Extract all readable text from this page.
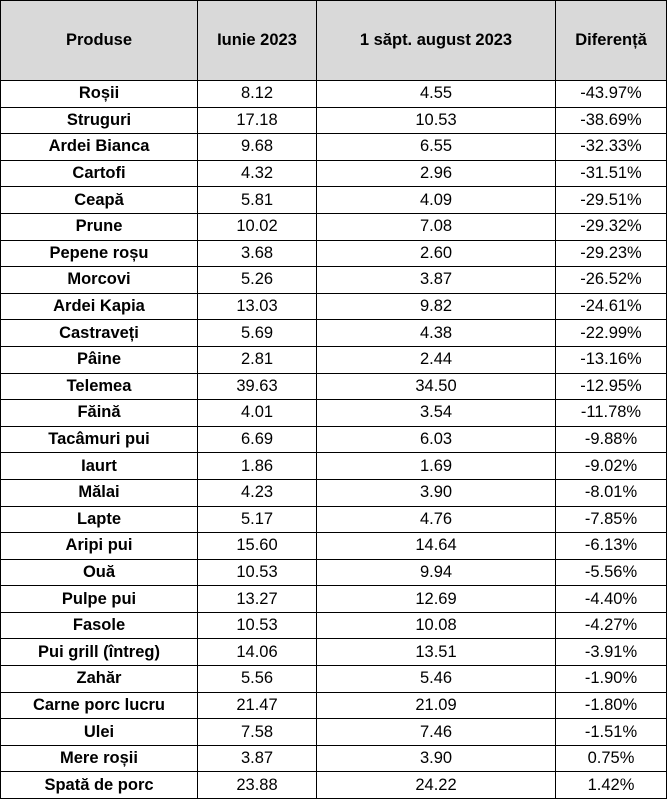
Produse	Iunie 2023	1 săpt. august 2023	Diferență
Roșii	8.12	4.55	-43.97%
Struguri	17.18	10.53	-38.69%
Ardei Bianca	9.68	6.55	-32.33%
Cartofi	4.32	2.96	-31.51%
Ceapă	5.81	4.09	-29.51%
Prune	10.02	7.08	-29.32%
Pepene roșu	3.68	2.60	-29.23%
Morcovi	5.26	3.87	-26.52%
Ardei Kapia	13.03	9.82	-24.61%
Castraveți	5.69	4.38	-22.99%
Pâine	2.81	2.44	-13.16%
Telemea	39.63	34.50	-12.95%
Făină	4.01	3.54	-11.78%
Tacâmuri pui	6.69	6.03	-9.88%
Iaurt	1.86	1.69	-9.02%
Mălai	4.23	3.90	-8.01%
Lapte	5.17	4.76	-7.85%
Aripi pui	15.60	14.64	-6.13%
Ouă	10.53	9.94	-5.56%
Pulpe pui	13.27	12.69	-4.40%
Fasole	10.53	10.08	-4.27%
Pui grill (întreg)	14.06	13.51	-3.91%
Zahăr	5.56	5.46	-1.90%
Carne porc lucru	21.47	21.09	-1.80%
Ulei	7.58	7.46	-1.51%
Mere roșii	3.87	3.90	0.75%
Spată de porc	23.88	24.22	1.42%
